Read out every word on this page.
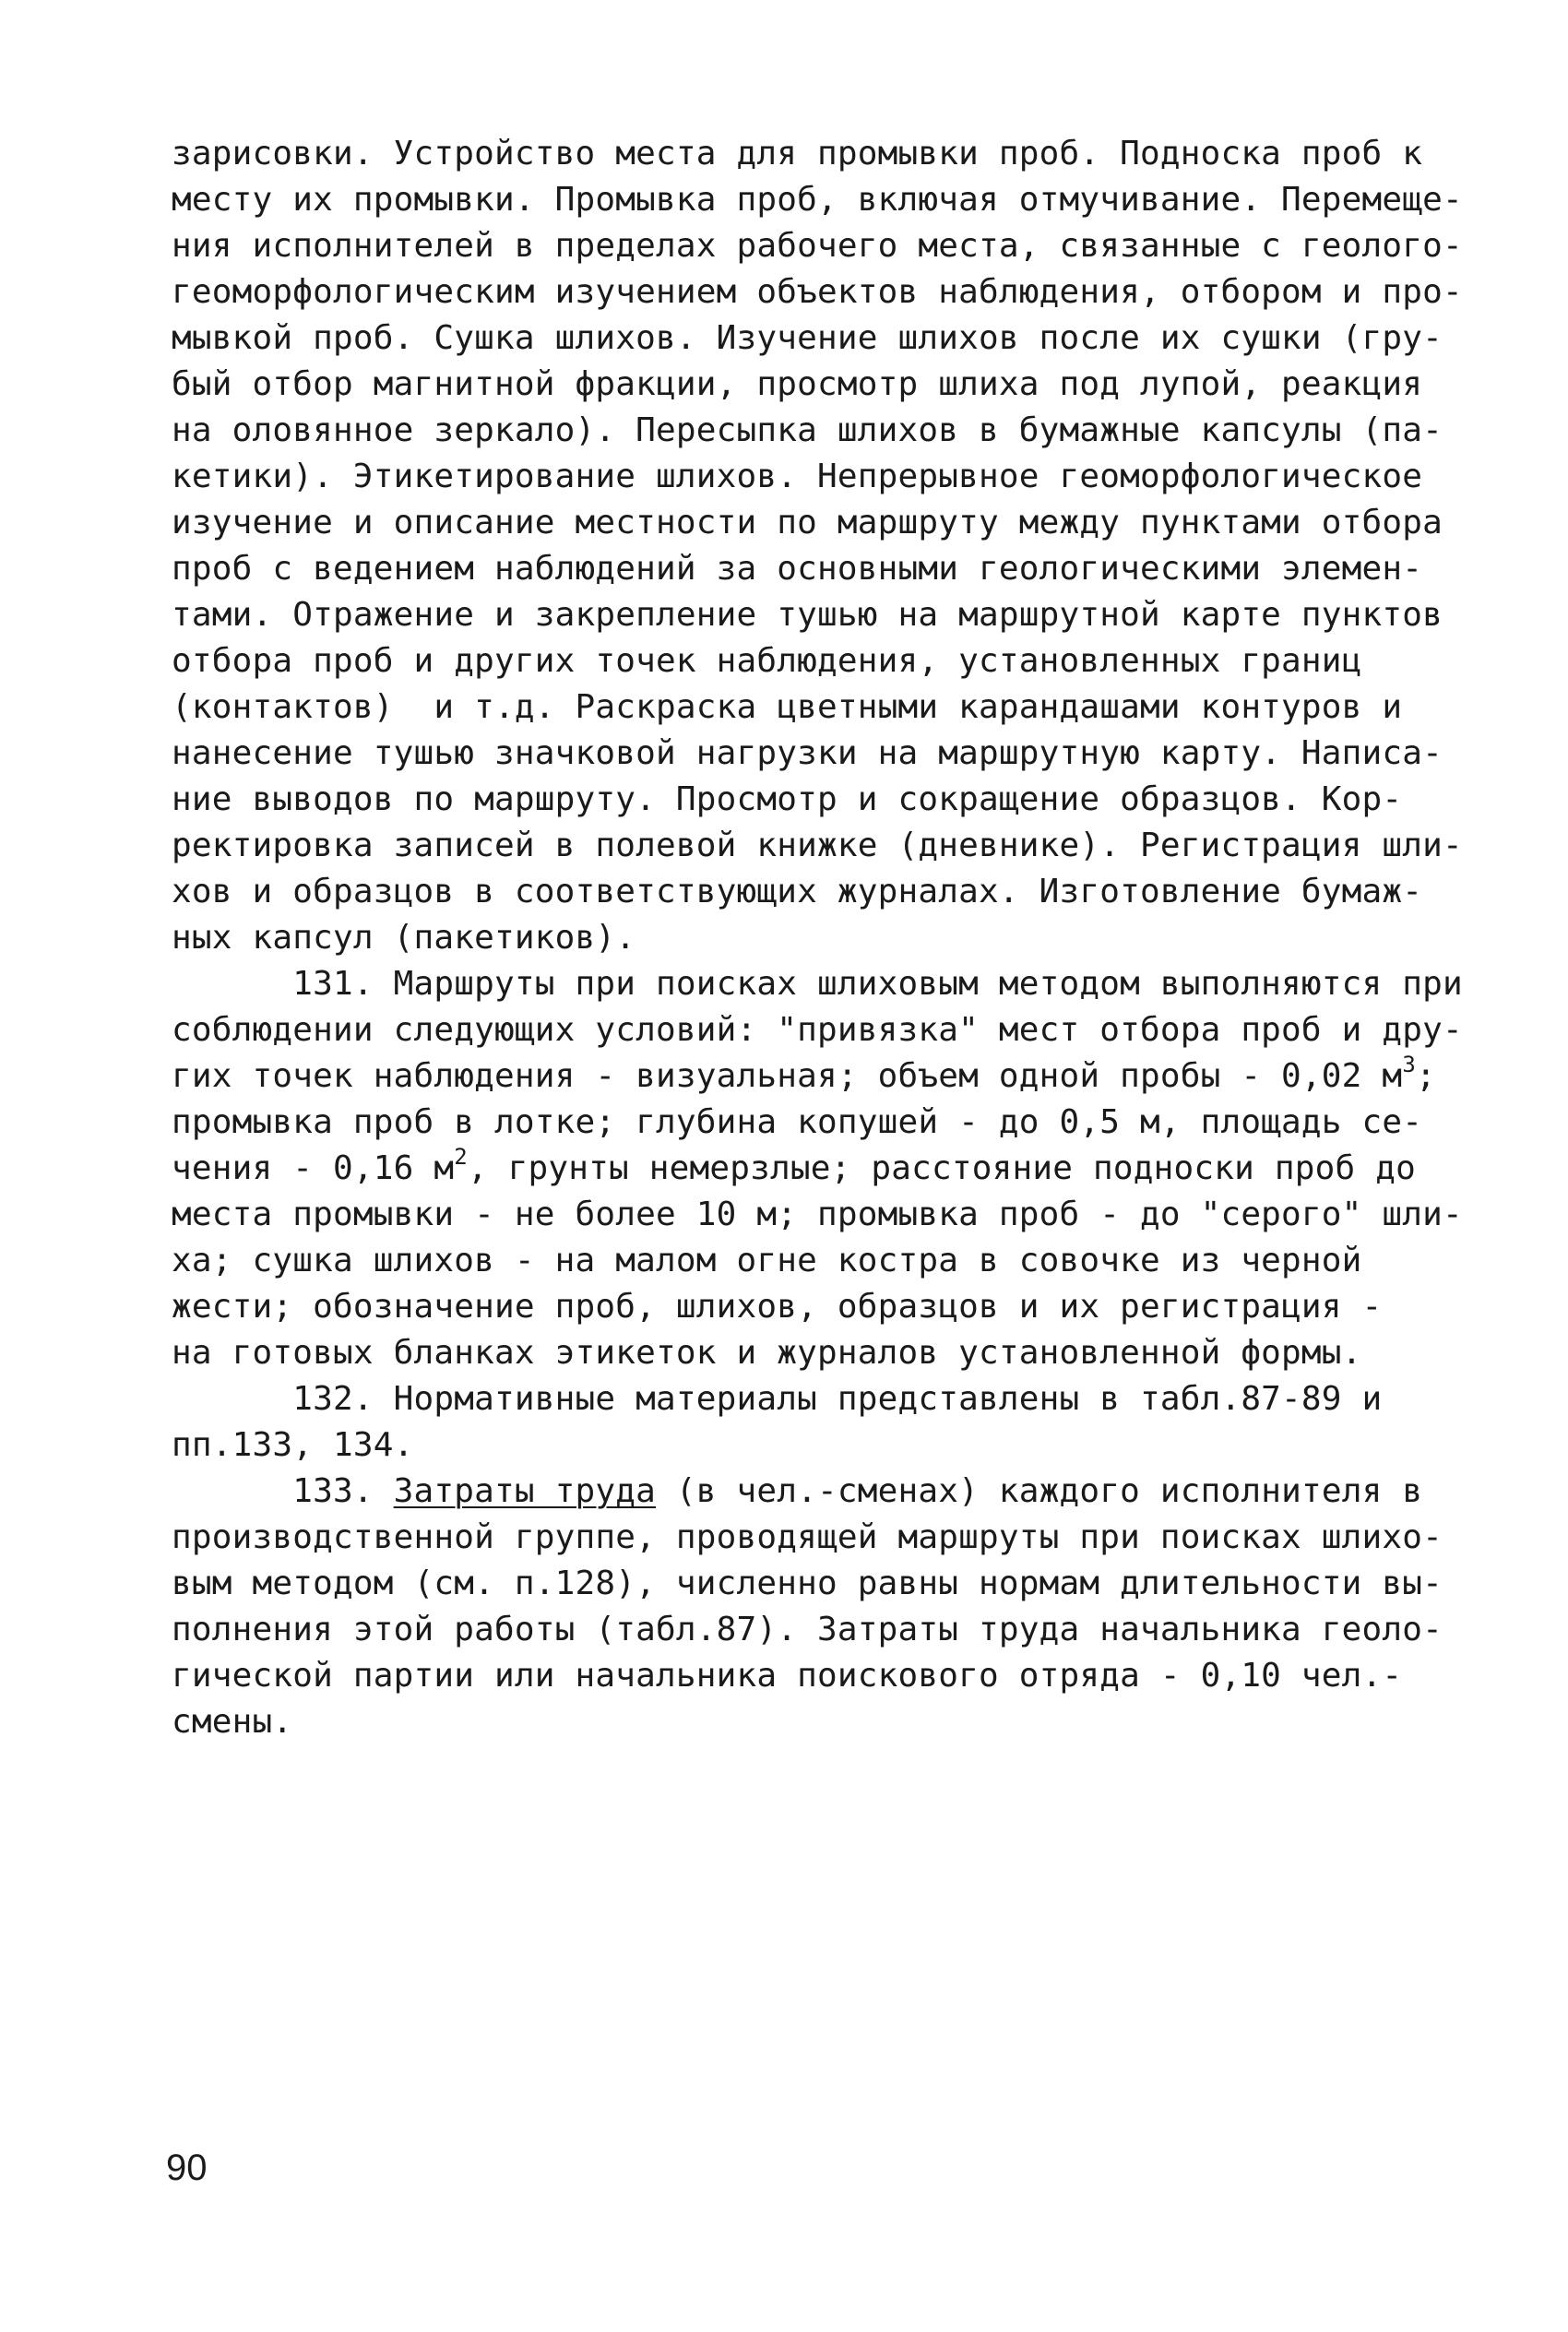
зарисовки. Устройство места для промывки проб. Подноска проб к
месту их промывки. Промывка проб, включая отмучивание. Перемеще-
ния исполнителей в пределах рабочего места, связанные с геолого-
геоморфологическим изучением объектов наблюдения, отбором и про-
мывкой проб. Сушка шлихов. Изучение шлихов после их сушки (гру-
бый отбор магнитной фракции, просмотр шлиха под лупой, реакция
на оловянное зеркало). Пересыпка шлихов в бумажные капсулы (па-
кетики). Этикетирование шлихов. Непрерывное геоморфологическое
изучение и описание местности по маршруту между пунктами отбора
проб с ведением наблюдений за основными геологическими элемен-
тами. Отражение и закрепление тушью на маршрутной карте пунктов
отбора проб и других точек наблюдения, установленных границ
(контактов)  и т.д. Раскраска цветными карандашами контуров и
нанесение тушью значковой нагрузки на маршрутную карту. Написа-
ние выводов по маршруту. Просмотр и сокращение образцов. Кор-
ректировка записей в полевой книжке (дневнике). Регистрация шли-
хов и образцов в соответствующих журналах. Изготовление бумаж-
ных капсул (пакетиков).
131. Маршруты при поисках шлиховым методом выполняются при
соблюдении следующих условий: "привязка" мест отбора проб и дру-
гих точек наблюдения - визуальная; объем одной пробы - 0,02 $м^3$;
промывка проб в лотке; глубина копушей - до 0,5 м, площадь се-
чения - 0,16 $м^2$, грунты немерзлые; расстояние подноски проб до
места промывки - не более 10 м; промывка проб - до "серого" шли-
ха; сушка шлихов - на малом огне костра в совочке из черной
жести; обозначение проб, шлихов, образцов и их регистрация -
на готовых бланках этикеток и журналов установленной формы.
132. Нормативные материалы представлены в табл.87-89 и
пп.133, 134.
133. Затраты труда (в чел.-сменах) каждого исполнителя в
производственной группе, проводящей маршруты при поисках шлихо-
вым методом (см. п.128), численно равны нормам длительности вы-
полнения этой работы (табл.87). Затраты труда начальника геоло-
гической партии или начальника поискового отряда - 0,10 чел.-
смены.
90
